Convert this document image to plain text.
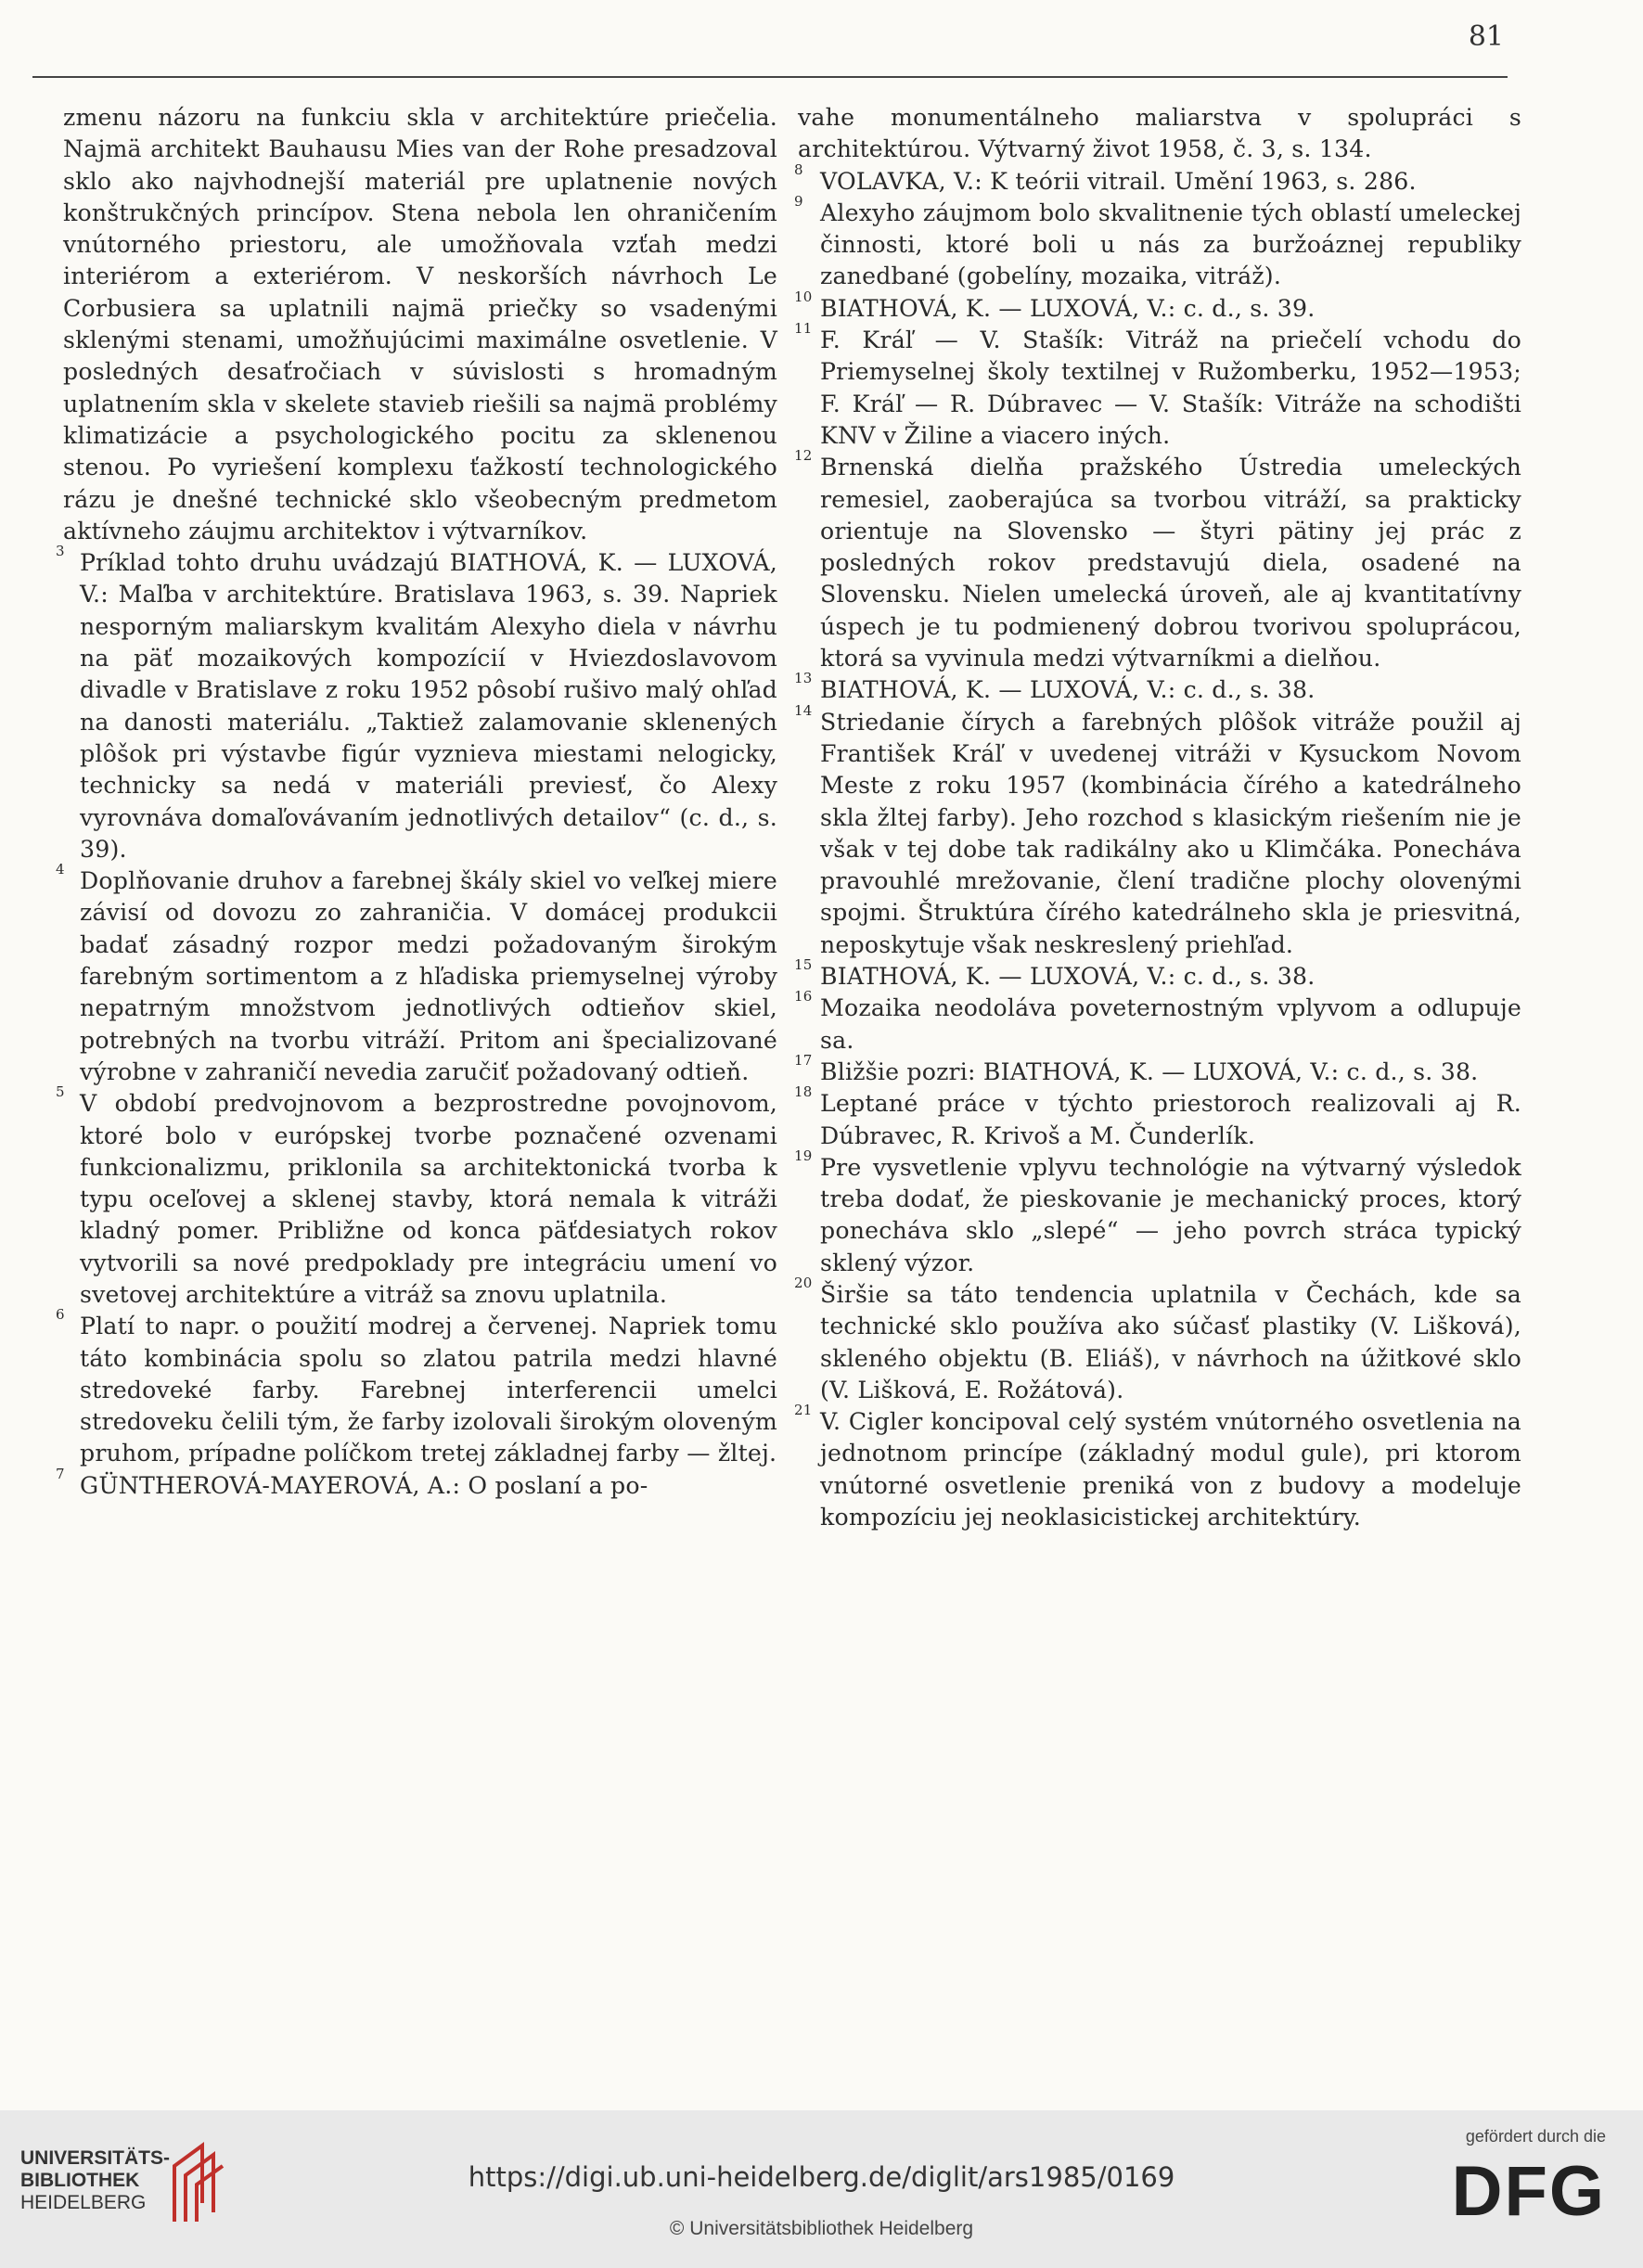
81

zmenu názoru na funkciu skla v architektúre priečelia. Najmä architekt Bauhausu Mies van der Rohe presadzoval sklo ako najvhodnejší materiál pre uplatnenie nových konštrukčných princípov. Stena nebola len ohraničením vnútorného priestoru, ale umožňovala vzťah medzi interiérom a exteriérom. V neskorších návrhoch Le Corbusiera sa uplatnili najmä priečky so vsadenými sklenými stenami, umožňujúcimi maximálne osvetlenie. V posledných desaťročiach v súvislosti s hromadným uplatnením skla v skelete stavieb riešili sa najmä problémy klimatizácie a psychologického pocitu za sklenenou stenou. Po vyriešení komplexu ťažkostí technologického rázu je dnešné technické sklo všeobecným predmetom aktívneho záujmu architektov i výtvarníkov.

3 Príklad tohto druhu uvádzajú BIATHOVÁ, K. — LUXOVÁ, V.: Maľba v architektúre. Bratislava 1963, s. 39. Napriek nesporným maliarskym kvalitám Alexyho diela v návrhu na päť mozaikových kompozícií v Hviezdoslavovom divadle v Bratislave z roku 1952 pôsobí rušivo malý ohľad na danosti materiálu. „Taktiež zalamovanie sklenených plôšok pri výstavbe figúr vyznieva miestami nelogicky, technicky sa nedá v materiáli previesť, čo Alexy vyrovnáva domaľovávaním jednotlivých detailov“ (c. d., s. 39).

4 Doplňovanie druhov a farebnej škály skiel vo veľkej miere závisí od dovozu zo zahraničia. V domácej produkcii badať zásadný rozpor medzi požadovaným širokým farebným sortimentom a z hľadiska priemyselnej výroby nepatrným množstvom jednotlivých odtieňov skiel, potrebných na tvorbu vitráží. Pritom ani špecializované výrobne v zahraničí nevedia zaručiť požadovaný odtieň.

5 V období predvojnovom a bezprostredne povojnovom, ktoré bolo v európskej tvorbe poznačené ozvenami funkcionalizmu, priklonila sa architektonická tvorba k typu oceľovej a sklenej stavby, ktorá nemala k vitráži kladný pomer. Približne od konca päťdesiatych rokov vytvorili sa nové predpoklady pre integráciu umení vo svetovej architektúre a vitráž sa znovu uplatnila.

6 Platí to napr. o použití modrej a červenej. Napriek tomu táto kombinácia spolu so zlatou patrila medzi hlavné stredoveké farby. Farebnej interferencii umelci stredoveku čelili tým, že farby izolovali širokým oloveným pruhom, prípadne políčkom tretej základnej farby — žltej.

7 GÜNTHEROVÁ-MAYEROVÁ, A.: O poslaní a po-

vahe monumentálneho maliarstva v spolupráci s architektúrou. Výtvarný život 1958, č. 3, s. 134.

8 VOLAVKA, V.: K teórii vitrail. Umění 1963, s. 286.

9 Alexyho záujmom bolo skvalitnenie tých oblastí umeleckej činnosti, ktoré boli u nás za buržoáznej republiky zanedbané (gobelíny, mozaika, vitráž).

10 BIATHOVÁ, K. — LUXOVÁ, V.: c. d., s. 39.

11 F. Kráľ — V. Stašík: Vitráž na priečelí vchodu do Priemyselnej školy textilnej v Ružomberku, 1952—1953; F. Kráľ — R. Dúbravec — V. Stašík: Vitráže na schodišti KNV v Žiline a viacero iných.

12 Brnenská dielňa pražského Ústredia umeleckých remesiel, zaoberajúca sa tvorbou vitráží, sa prakticky orientuje na Slovensko — štyri pätiny jej prác z posledných rokov predstavujú diela, osadené na Slovensku. Nielen umelecká úroveň, ale aj kvantitatívny úspech je tu podmienený dobrou tvorivou spoluprácou, ktorá sa vyvinula medzi výtvarníkmi a dielňou.

13 BIATHOVÁ, K. — LUXOVÁ, V.: c. d., s. 38.

14 Striedanie čírych a farebných plôšok vitráže použil aj František Kráľ v uvedenej vitráži v Kysuckom Novom Meste z roku 1957 (kombinácia čírého a katedrálneho skla žltej farby). Jeho rozchod s klasickým riešením nie je však v tej dobe tak radikálny ako u Klimčáka. Ponecháva pravouhlé mrežovanie, člení tradične plochy olovenými spojmi. Štruktúra čírého katedrálneho skla je priesvitná, neposkytuje však neskreslený priehľad.

15 BIATHOVÁ, K. — LUXOVÁ, V.: c. d., s. 38.

16 Mozaika neodoláva poveternostným vplyvom a odlupuje sa.

17 Bližšie pozri: BIATHOVÁ, K. — LUXOVÁ, V.: c. d., s. 38.

18 Leptané práce v týchto priestoroch realizovali aj R. Dúbravec, R. Krivoš a M. Čunderlík.

19 Pre vysvetlenie vplyvu technológie na výtvarný výsledok treba dodať, že pieskovanie je mechanický proces, ktorý ponecháva sklo „slepé“ — jeho povrch strácа typický sklený výzor.

20 Širšie sa táto tendencia uplatnila v Čechách, kde sa technické sklo používa ako súčasť plastiky (V. Lišková), skleného objektu (B. Eliáš), v návrhoch na úžitkové sklo (V. Lišková, E. Rožátová).

21 V. Cigler koncipoval celý systém vnútorného osvetlenia na jednotnom princípe (základný modul gule), pri ktorom vnútorné osvetlenie preniká von z budovy a modeluje kompozíciu jej neoklasicistickej architektúry.

UNIVERSITÄTS-
BIBLIOTHEK
HEIDELBERG
https://digi.ub.uni-heidelberg.de/diglit/ars1985/0169
© Universitätsbibliothek Heidelberg
gefördert durch die
DFG
